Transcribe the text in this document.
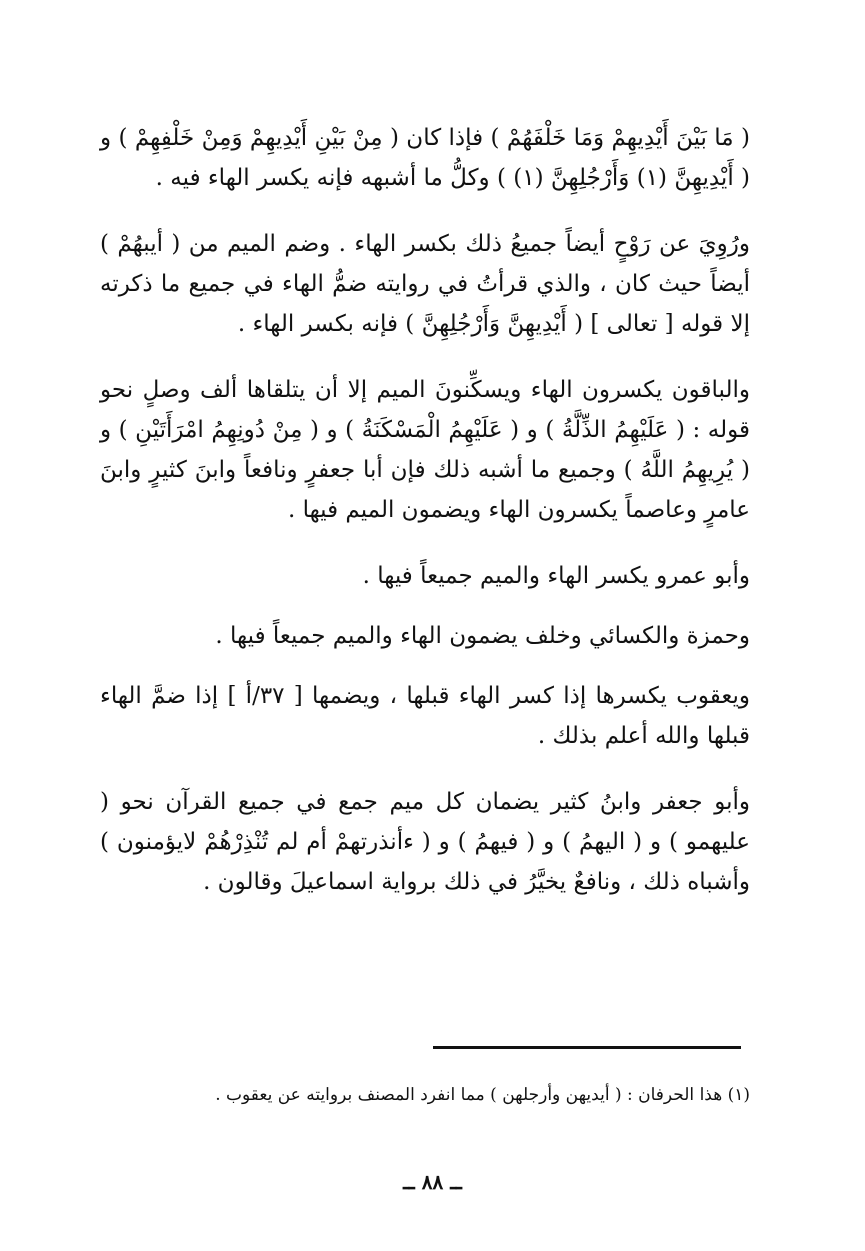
( مَا بَيْنَ أَيْدِيهِمْ وَمَا خَلْفَهُمْ ) فإذا كان ( مِنْ بَيْنِ أَيْدِيهِمْ وَمِنْ خَلْفِهِمْ ) و ( أَيْدِيهِنَّ (١) وَأَرْجُلِهِنَّ (١) ) وكلُّ ما أشبهه فإنه يكسر الهاء فيه .

ورُوِيَ عن رَوْحٍ أيضاً جميعُ ذلك بكسر الهاء . وضم الميم من ( أيبهُمْ ) أيضاً حيث كان ، والذي قرأتُ في روايته ضمُّ الهاء في جميع ما ذكرته إلا قوله [ تعالى ] ( أَيْدِيهِنَّ وَأَرْجُلِهِنَّ ) فإنه بكسر الهاء .

والباقون يكسرون الهاء ويسكِّنونَ الميم إلا أن يتلقاها ألف وصلٍ نحو قوله : ( عَلَيْهِمُ الذِّلَّةُ ) و ( عَلَيْهِمُ الْمَسْكَنَةُ ) و ( مِنْ دُونِهِمُ امْرَأَتَيْنِ ) و ( يُرِيهِمُ اللَّهُ ) وجميع ما أشبه ذلك فإن أبا جعفرٍ ونافعاً وابنَ كثيرٍ وابنَ عامرٍ وعاصماً يكسرون الهاء ويضمون الميم فيها .

وأبو عمرو يكسر الهاء والميم جميعاً فيها .

وحمزة والكسائي وخلف يضمون الهاء والميم جميعاً فيها .

ويعقوب يكسرها إذا كسر الهاء قبلها ، ويضمها [ ٣٧/أ ] إذا ضمَّ الهاء قبلها والله أعلم بذلك .

وأبو جعفر وابنُ كثير يضمان كل ميم جمع في جميع القرآن نحو ( عليهمو ) و ( اليهمُ ) و ( فيهمُ ) و ( ءأنذرتهمْ أم لم تُنْذِرْهُمْ لايؤمنون ) وأشباه ذلك ، ونافعٌ يخيَّرُ في ذلك برواية اسماعيلَ وقالون .

(١) هذا الحرفان : ( أيديهن وأرجلهن ) مما انفرد المصنف بروايته عن يعقوب .
ــ ٨٨ ــ
